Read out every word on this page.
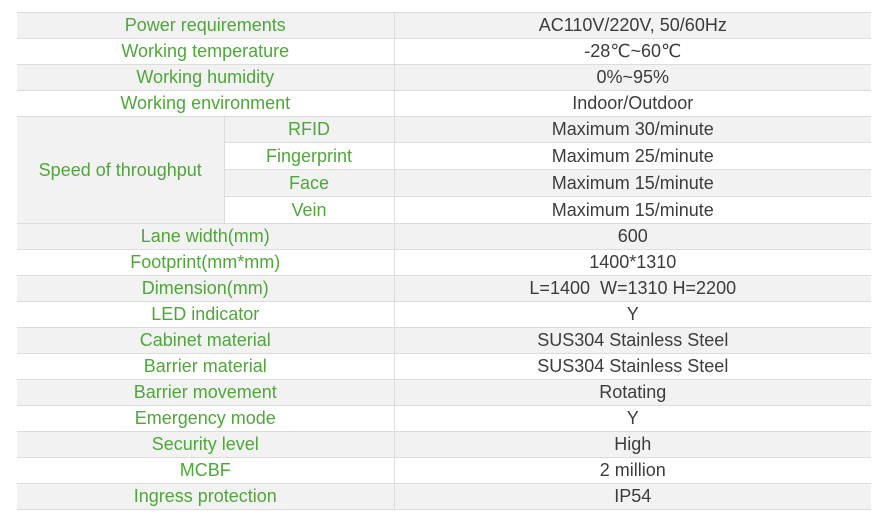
Power requirements		AC110V/220V, 50/60Hz
Working temperature		-28℃~60℃
Working humidity		0%~95%
Working environment		Indoor/Outdoor
Speed of throughput	RFID	Maximum 30/minute
	Fingerprint	Maximum 25/minute
	Face	Maximum 15/minute
	Vein	Maximum 15/minute
Lane width(mm)		600
Footprint(mm*mm)		1400*1310
Dimension(mm)		L=1400  W=1310 H=2200
LED indicator		Y
Cabinet material		SUS304 Stainless Steel
Barrier material		SUS304 Stainless Steel
Barrier movement		Rotating
Emergency mode		Y
Security level		High
MCBF		2 million
Ingress protection		IP54
